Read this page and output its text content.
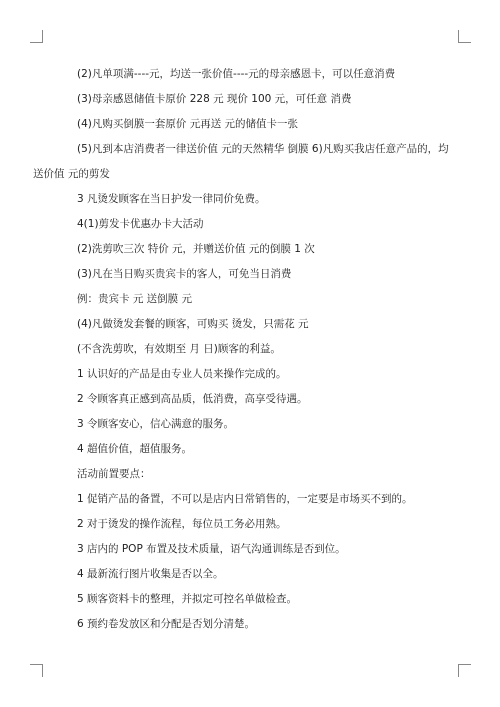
(2)凡单项满----元，均送一张价值----元的母亲感恩卡，可以任意消费
(3)母亲感恩储值卡原价 228 元 现价 100 元，可任意 消费
(4)凡购买倒膜一套原价 元再送 元的储值卡一张
(5)凡到本店消费者一律送价值 元的天然精华 倒膜 6)凡购买我店任意产品的，均
送价值 元的剪发
3 凡烫发顾客在当日护发一律同价免费。
4(1)剪发卡优惠办卡大活动
(2)洗剪吹三次 特价 元，并赠送价值 元的倒膜 1 次
(3)凡在当日购买贵宾卡的客人，可免当日消费
例：贵宾卡 元 送倒膜 元
(4)凡做烫发套餐的顾客，可购买 烫发，只需花 元
(不含洗剪吹，有效期至 月 日)顾客的利益。
1 认识好的产品是由专业人员来操作完成的。
2 令顾客真正感到高品质，低消费，高享受待遇。
3 令顾客安心，信心满意的服务。
4 超值价值，超值服务。
活动前置要点：
1 促销产品的备置，不可以是店内日常销售的，一定要是市场买不到的。
2 对于烫发的操作流程，每位员工务必用熟。
3 店内的 POP 布置及技术质量，语气沟通训练是否到位。
4 最新流行图片收集是否以全。
5 顾客资料卡的整理，并拟定可控名单做检查。
6 预约卷发放区和分配是否划分清楚。
